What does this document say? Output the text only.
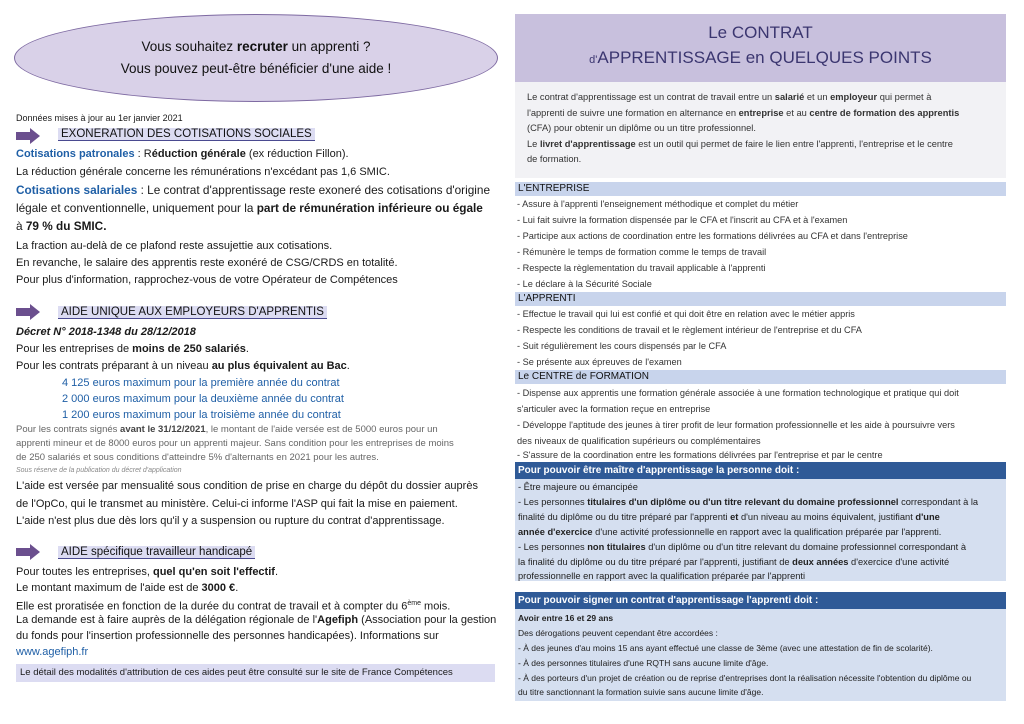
Vous souhaitez recruter un apprenti ?
Vous pouvez peut-être bénéficier d'une aide !
Données mises à jour au 1er janvier 2021
EXONERATION DES COTISATIONS SOCIALES
Cotisations patronales : Réduction générale (ex réduction Fillon).
La réduction générale concerne les rémunérations n'excédant pas 1,6 SMIC.
Cotisations salariales : Le contrat d'apprentissage reste exoneré des cotisations d'origine
légale et conventionnelle, uniquement pour la part de rémunération inférieure ou égale
à 79 % du SMIC.
La fraction au-delà de ce plafond reste assujettie aux cotisations.
En revanche, le salaire des apprentis reste exonéré de CSG/CRDS en totalité.
Pour plus d'information, rapprochez-vous de votre Opérateur de Compétences
AIDE UNIQUE AUX EMPLOYEURS D'APPRENTIS
Décret N° 2018-1348 du 28/12/2018
Pour les entreprises de moins de 250 salariés.
Pour les contrats préparant à un niveau au plus équivalent au Bac.
4 125 euros maximum pour la première année du contrat
2 000 euros maximum pour la deuxième année du contrat
1 200 euros maximum pour la troisième année du contrat
Pour les contrats signés avant le 31/12/2021, le montant de l'aide versée est de 5000 euros pour un
apprenti mineur et de 8000 euros pour un apprenti majeur. Sans condition pour les entreprises de moins
de 250 salariés et sous conditions d'atteindre 5% d'alternants en 2021 pour les autres.
Sous réserve de la publication du décret d'application
L'aide est versée par mensualité sous condition de prise en charge du dépôt du dossier auprès
de l'OpCo, qui le transmet au ministère. Celui-ci informe l'ASP qui fait la mise en paiement.
L'aide n'est plus due dès lors qu'il y a suspension ou rupture du contrat d'apprentissage.
AIDE spécifique travailleur handicapé
Pour toutes les entreprises, quel qu'en soit l'effectif.
Le montant maximum de l'aide est de 3000 €.
Elle est proratisée en fonction de la durée du contrat de travail et à compter du 6ème mois.
La demande est à faire auprès de la délégation régionale de l'Agefiph (Association pour la gestion
du fonds pour l'insertion professionnelle des personnes handicapées). Informations sur
www.agefiph.fr
Le détail des modalités d'attribution de ces aides peut être consulté sur le site de France Compétences
Le CONTRAT
d'APPRENTISSAGE en QUELQUES POINTS
Le contrat d'apprentissage est un contrat de travail entre un salarié et un employeur qui permet à
l'apprenti de suivre une formation en alternance en entreprise et au centre de formation des apprentis
(CFA) pour obtenir un diplôme ou un titre professionnel.
Le livret d'apprentissage est un outil qui permet de faire le lien entre l'apprenti, l'entreprise et le centre
de formation.
L'ENTREPRISE
- Assure à l'apprenti l'enseignement méthodique et complet du métier
- Lui fait suivre la formation dispensée par le CFA et l'inscrit au CFA et à l'examen
- Participe aux actions de coordination entre les formations délivrées au CFA et dans l'entreprise
- Rémunère le temps de formation comme le temps de travail
- Respecte la règlementation du travail applicable à l'apprenti
- Le déclare à la Sécurité Sociale
L'APPRENTI
- Effectue le travail qui lui est confié et qui doit être en relation avec le métier appris
- Respecte les conditions de travail et le règlement intérieur de l'entreprise et du CFA
- Suit régulièrement les cours dispensés par le CFA
- Se présente aux épreuves de l'examen
Le CENTRE de FORMATION
- Dispense aux apprentis une formation générale associée à une formation technologique et pratique qui doit
s'articuler avec la formation reçue en entreprise
- Développe l'aptitude des jeunes à tirer profit de leur formation professionnelle et les aide à poursuivre vers
des niveaux de qualification supérieurs ou complémentaires
- S'assure de la coordination entre les formations délivrées par l'entreprise et par le centre
Pour pouvoir être maître d'apprentissage la personne doit :
- Être majeure ou émancipée
- Les personnes titulaires d'un diplôme ou d'un titre relevant du domaine professionnel correspondant à la
finalité du diplôme ou du titre préparé par l'apprenti et d'un niveau au moins équivalent, justifiant d'une
année d'exercice d'une activité professionnelle en rapport avec la qualification préparée par l'apprenti.
- Les personnes non titulaires d'un diplôme ou d'un titre relevant du domaine professionnel correspondant à
la finalité du diplôme ou du titre préparé par l'apprenti, justifiant de deux années d'exercice d'une activité
professionnelle en rapport avec la qualification préparée par l'apprenti
Pour pouvoir signer un contrat d'apprentissage l'apprenti doit :
Avoir entre 16 et 29 ans
Des dérogations peuvent cependant être accordées :
- À des jeunes d'au moins 15 ans ayant effectué une classe de 3ème (avec une attestation de fin de scolarité).
- À des personnes titulaires d'une RQTH sans aucune limite d'âge.
- À des porteurs d'un projet de création ou de reprise d'entreprises dont la réalisation nécessite l'obtention du diplôme ou
du titre sanctionnant la formation suivie sans aucune limite d'âge.
